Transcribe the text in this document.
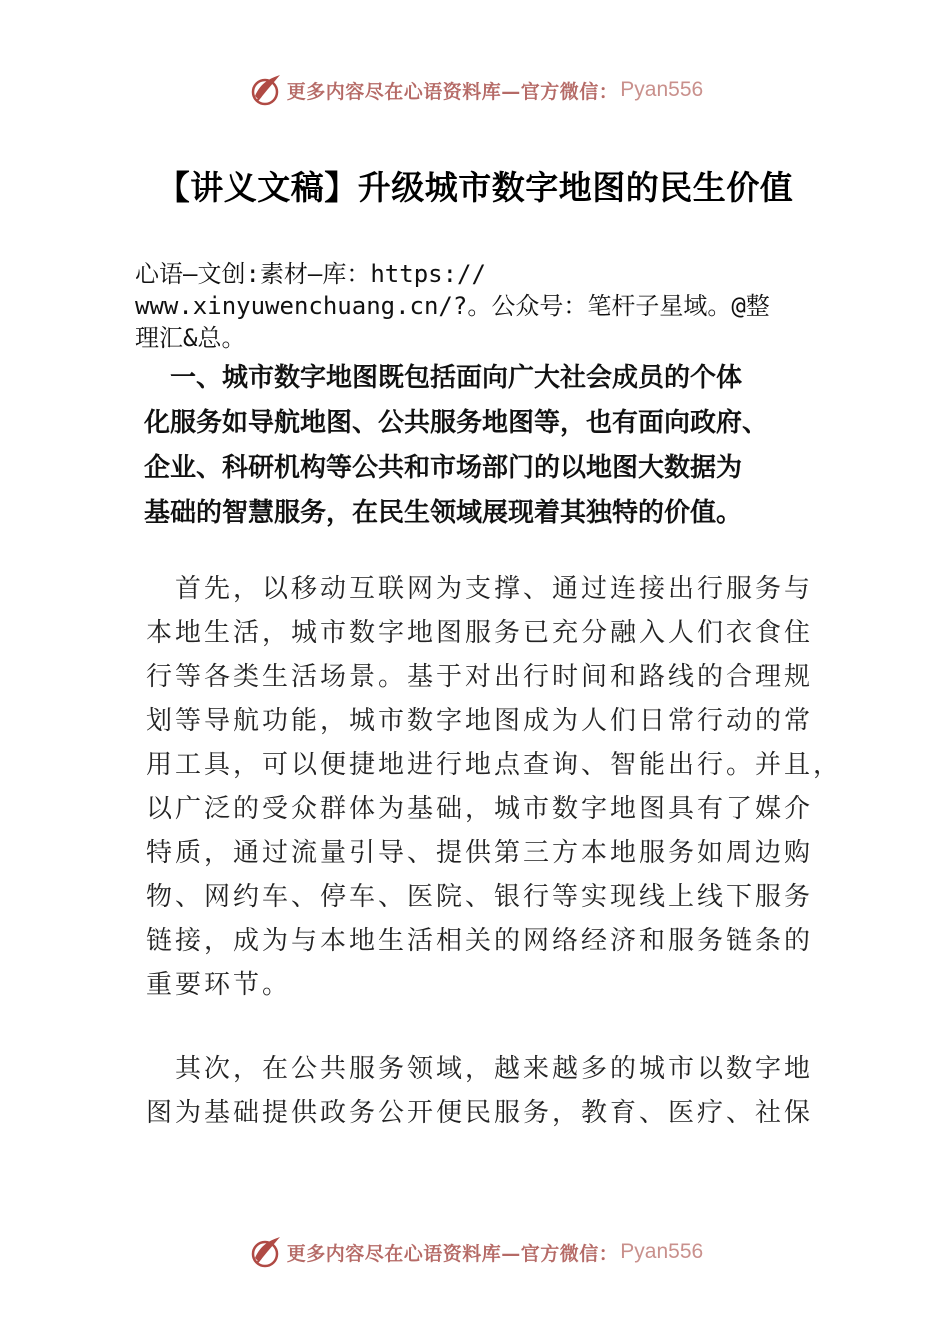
更多内容尽在心语资料库—官方微信： Pyan556
【讲义文稿】升级城市数字地图的民生价值
心语—文创:素材—库：https://
www.xinyuwenchuang.cn/?。公众号：笔杆子星域。@整
理汇&总。
　一、城市数字地图既包括面向广大社会成员的个体
化服务如导航地图、公共服务地图等，也有面向政府、
企业、科研机构等公共和市场部门的以地图大数据为
基础的智慧服务，在民生领域展现着其独特的价值。
　首先，以移动互联网为支撑、通过连接出行服务与
本地生活，城市数字地图服务已充分融入人们衣食住
行等各类生活场景。基于对出行时间和路线的合理规
划等导航功能，城市数字地图成为人们日常行动的常
用工具，可以便捷地进行地点查询、智能出行。并且，
以广泛的受众群体为基础，城市数字地图具有了媒介
特质，通过流量引导、提供第三方本地服务如周边购
物、网约车、停车、医院、银行等实现线上线下服务
链接，成为与本地生活相关的网络经济和服务链条的
重要环节。
　其次，在公共服务领域，越来越多的城市以数字地
图为基础提供政务公开便民服务，教育、医疗、社保
更多内容尽在心语资料库—官方微信： Pyan556
